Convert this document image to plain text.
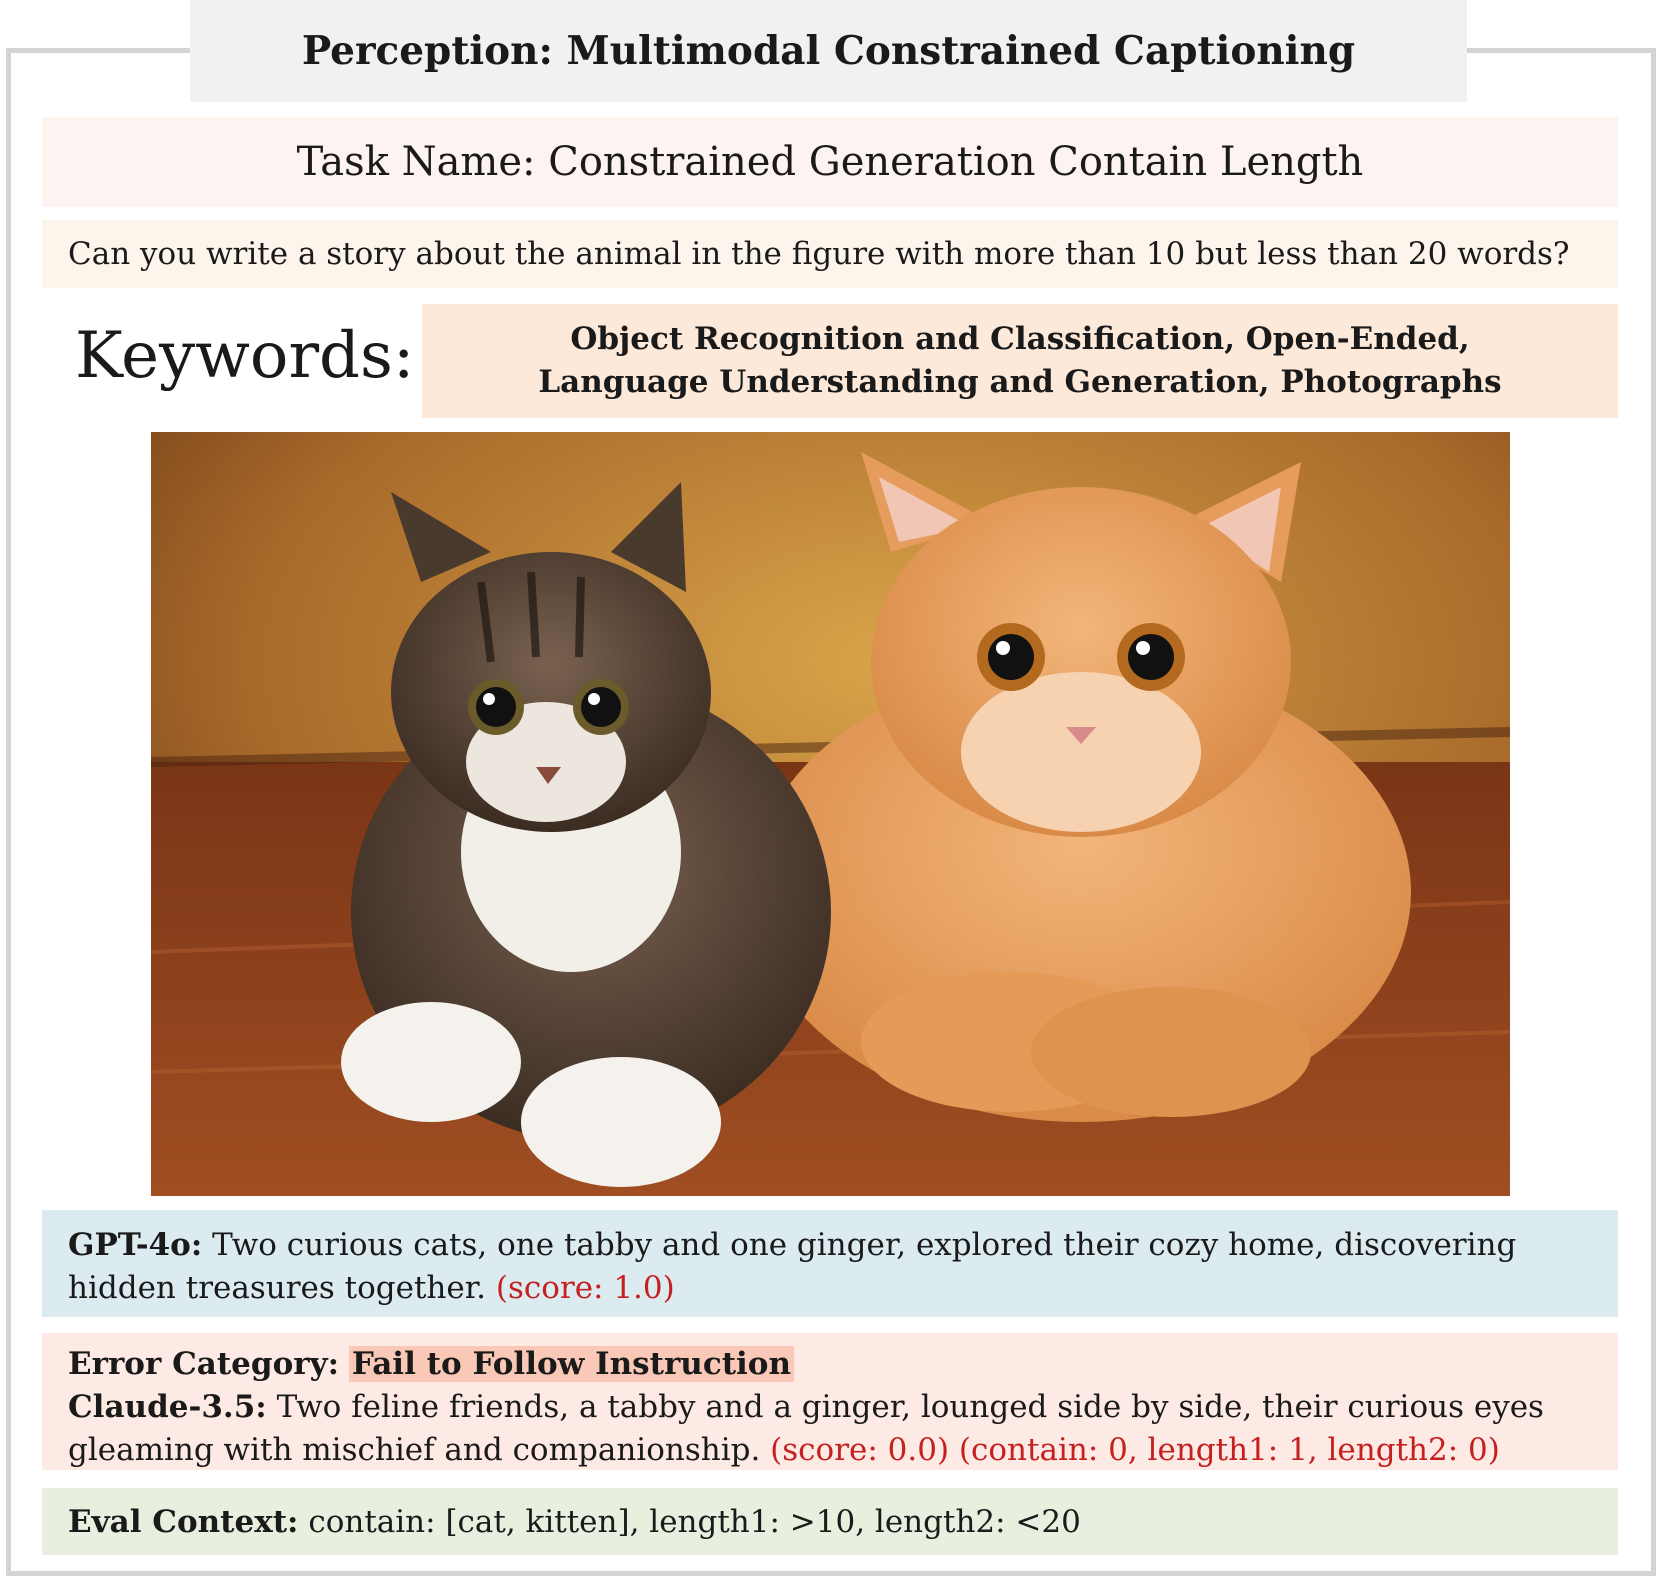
Perception: Multimodal Constrained Captioning
Task Name: Constrained Generation Contain Length
Can you write a story about the animal in the figure with more than 10 but less than 20 words?
Keywords:	Object Recognition and Classification, Open-Ended,
Language Understanding and Generation, Photographs
GPT-4o: Two curious cats, one tabby and one ginger, explored their cozy home, discovering hidden treasures together. (score: 1.0)
Error Category: Fail to Follow Instruction
Claude-3.5: Two feline friends, a tabby and a ginger, lounged side by side, their curious eyes gleaming with mischief and companionship. (score: 0.0) (contain: 0, length1: 1, length2: 0)
Eval Context: contain: [cat, kitten], length1: >10, length2: <20
